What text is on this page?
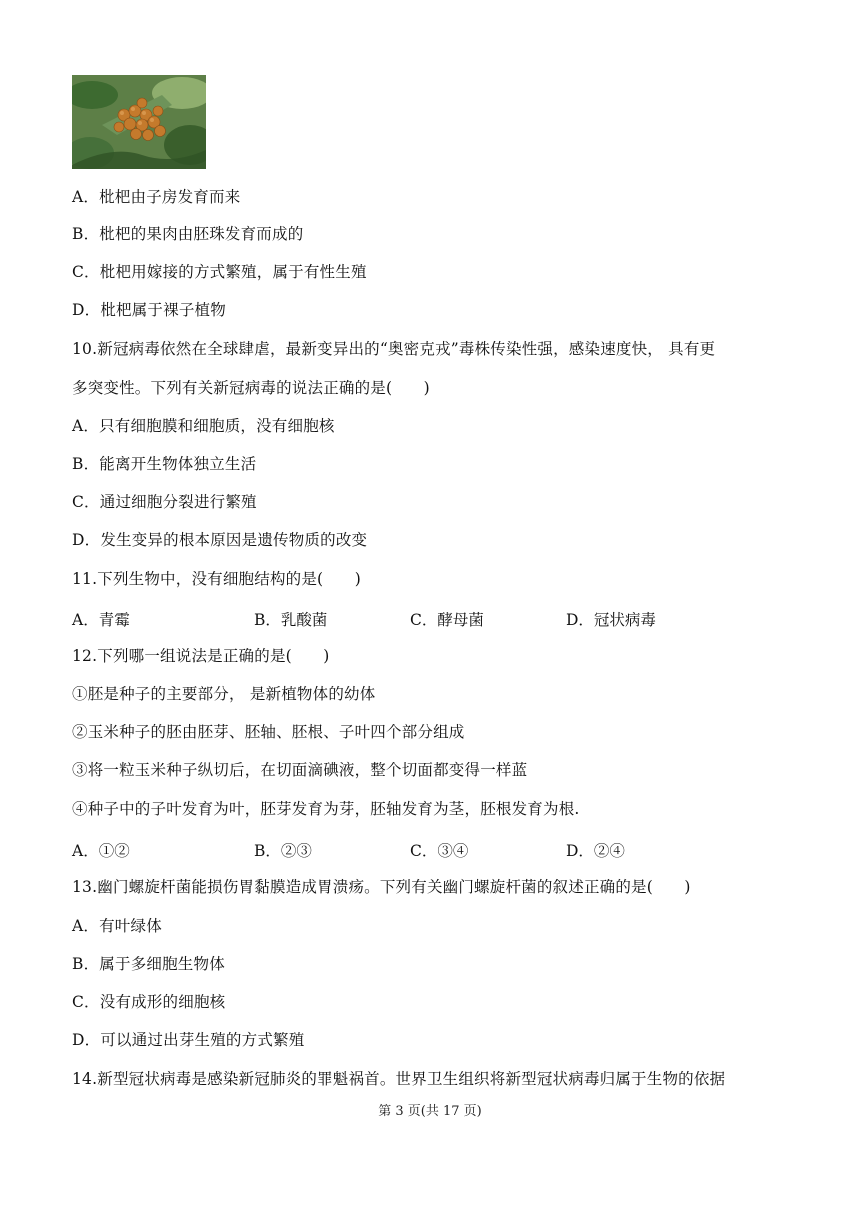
A．枇杷由子房发育而来
B．枇杷的果肉由胚珠发育而成的
C．枇杷用嫁接的方式繁殖，属于有性生殖
D．枇杷属于裸子植物
10.新冠病毒依然在全球肆虐，最新变异出的“奥密克戎”毒株传染性强，感染速度快， 具有更
多突变性。下列有关新冠病毒的说法正确的是(　　)
A．只有细胞膜和细胞质，没有细胞核
B．能离开生物体独立生活
C．通过细胞分裂进行繁殖
D．发生变异的根本原因是遗传物质的改变
11.下列生物中，没有细胞结构的是(　　)
A．青霉	B．乳酸菌	C．酵母菌	D．冠状病毒
12.下列哪一组说法是正确的是(　　)
①胚是种子的主要部分， 是新植物体的幼体
②玉米种子的胚由胚芽、胚轴、胚根、子叶四个部分组成
③将一粒玉米种子纵切后，在切面滴碘液，整个切面都变得一样蓝
④种子中的子叶发育为叶，胚芽发育为芽，胚轴发育为茎，胚根发育为根.
A．①②	B．②③	C．③④	D．②④
13.幽门螺旋杆菌能损伤胃黏膜造成胃溃疡。下列有关幽门螺旋杆菌的叙述正确的是(　　)
A．有叶绿体
B．属于多细胞生物体
C．没有成形的细胞核
D．可以通过出芽生殖的方式繁殖
14.新型冠状病毒是感染新冠肺炎的罪魁祸首。世界卫生组织将新型冠状病毒归属于生物的依据
第 3 页(共 17 页)
